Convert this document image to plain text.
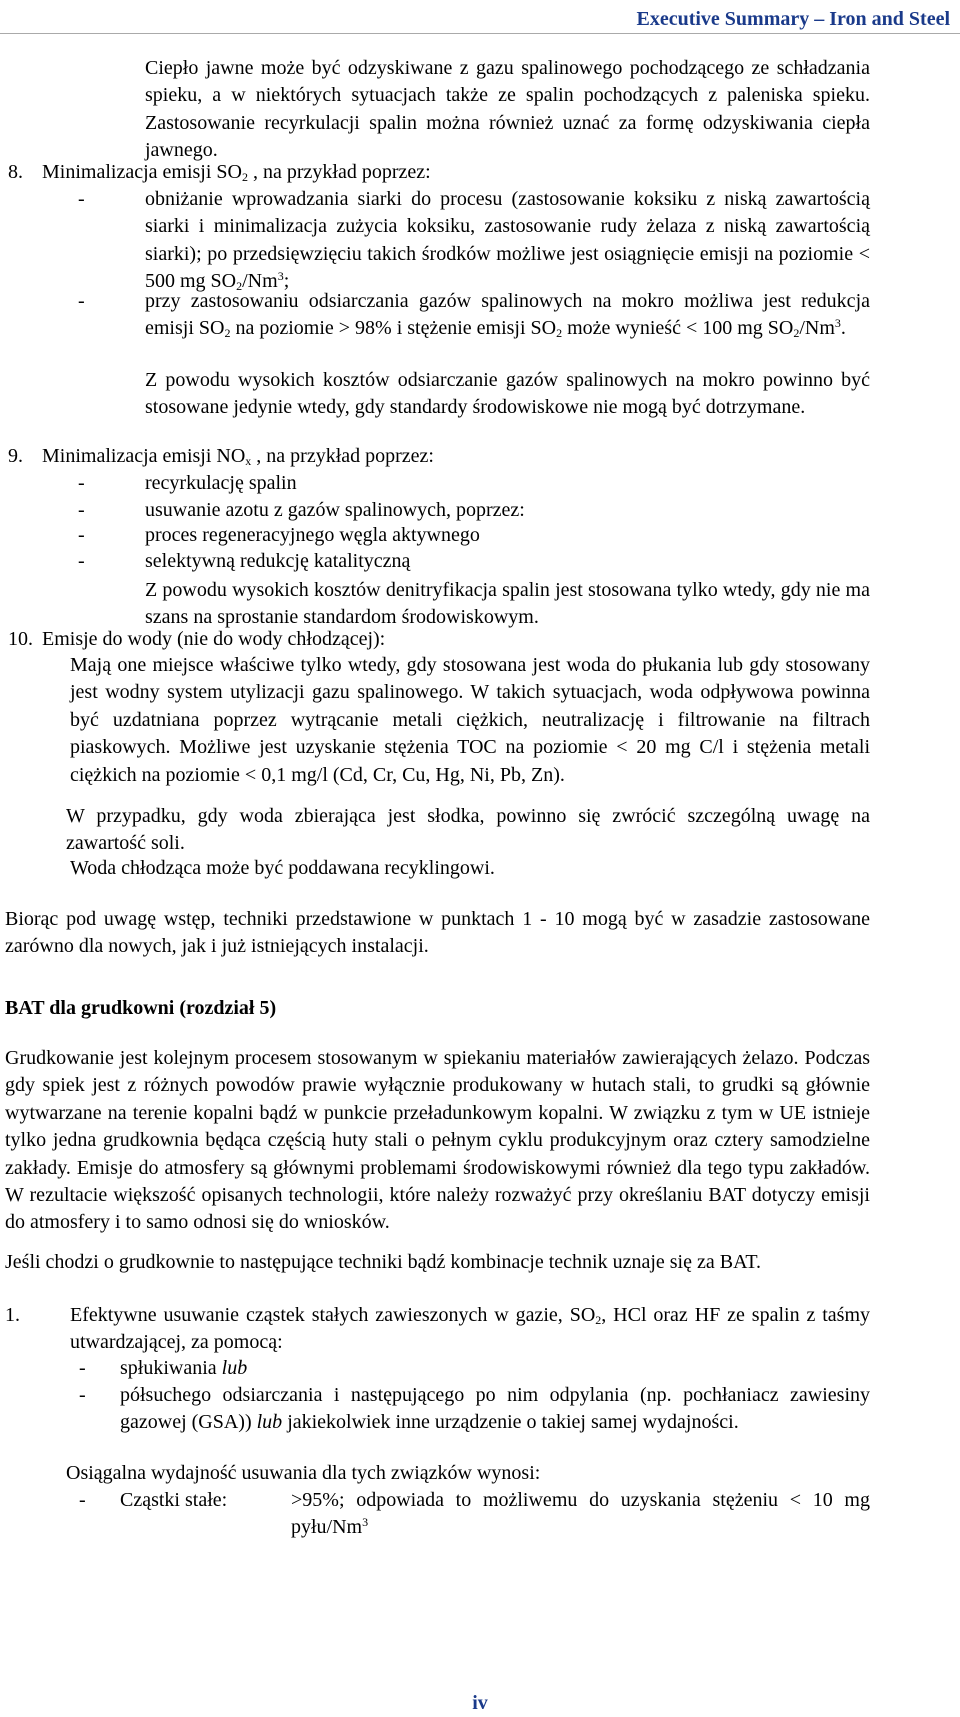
Executive Summary – Iron and Steel
Ciepło jawne może być odzyskiwane z gazu spalinowego pochodzącego ze schładzania spieku, a w niektórych sytuacjach także ze spalin pochodzących z paleniska spieku. Zastosowanie recyrkulacji spalin można również uznać za formę odzyskiwania ciepła jawnego.
8. Minimalizacja emisji $SO_2$ , na przykład poprzez:
-	obniżanie wprowadzania siarki do procesu (zastosowanie koksiku z niską zawartością siarki i minimalizacja zużycia koksiku, zastosowanie rudy żelaza z niską zawartością siarki); po przedsięwzięciu takich środków możliwe jest osiągnięcie emisji na poziomie < 500 mg $SO_2/Nm^3$;
-	przy zastosowaniu odsiarczania gazów spalinowych na mokro możliwa jest redukcja emisji $SO_2$ na poziomie > 98% i stężenie emisji $SO_2$ może wynieść < 100 mg $SO_2/Nm^3$.
Z powodu wysokich kosztów odsiarczanie gazów spalinowych na mokro powinno być stosowane jedynie wtedy, gdy standardy środowiskowe nie mogą być dotrzymane.
9. Minimalizacja emisji $NO_x$ , na przykład poprzez:
-	recyrkulację spalin
-	usuwanie azotu z gazów spalinowych, poprzez:
-	proces regeneracyjnego węgla aktywnego
-	selektywną redukcję katalityczną
Z powodu wysokich kosztów denitryfikacja spalin jest stosowana tylko wtedy, gdy nie ma szans na sprostanie standardom środowiskowym.
10. Emisje do wody (nie do wody chłodzącej):
Mają one miejsce właściwe tylko wtedy, gdy stosowana jest woda do płukania lub gdy stosowany jest wodny system utylizacji gazu spalinowego. W takich sytuacjach, woda odpływowa powinna być uzdatniana poprzez wytrącanie metali ciężkich, neutralizację i filtrowanie na filtrach piaskowych. Możliwe jest uzyskanie stężenia TOC na poziomie < 20 mg C/l i stężenia metali ciężkich na poziomie < 0,1 mg/l (Cd, Cr, Cu, Hg, Ni, Pb, Zn).
W przypadku, gdy woda zbierająca jest słodka, powinno się zwrócić szczególną uwagę na zawartość soli.
Woda chłodząca może być poddawana recyklingowi.
Biorąc pod uwagę wstęp, techniki przedstawione w punktach 1 - 10 mogą być w zasadzie zastosowane zarówno dla nowych, jak i już istniejących instalacji.
BAT dla grudkowni (rozdział 5)
Grudkowanie jest kolejnym procesem stosowanym w spiekaniu materiałów zawierających żelazo. Podczas gdy spiek jest z różnych powodów prawie wyłącznie produkowany w hutach stali, to grudki są głównie wytwarzane na terenie kopalni bądź w punkcie przeładunkowym kopalni. W związku z tym w UE istnieje tylko jedna grudkownia będąca częścią huty stali o pełnym cyklu produkcyjnym oraz cztery samodzielne zakłady. Emisje do atmosfery są głównymi problemami środowiskowymi również dla tego typu zakładów. W rezultacie większość opisanych technologii, które należy rozważyć przy określaniu BAT dotyczy emisji do atmosfery i to samo odnosi się do wniosków.
Jeśli chodzi o grudkownie to następujące techniki bądź kombinacje technik uznaje się za BAT.
1.	Efektywne usuwanie cząstek stałych zawieszonych w gazie, $SO_2$, HCl oraz HF ze spalin z taśmy utwardzającej, za pomocą:
-	spłukiwania lub
-	półsuchego odsiarczania i następującego po nim odpylania (np. pochłaniacz zawiesiny gazowej (GSA)) lub jakiekolwiek inne urządzenie o takiej samej wydajności.
Osiągalna wydajność usuwania dla tych związków wynosi:
-	Cząstki stałe:	>95%; odpowiada to możliwemu do uzyskania stężeniu < 10 mg pyłu/Nm$^3$
iv
